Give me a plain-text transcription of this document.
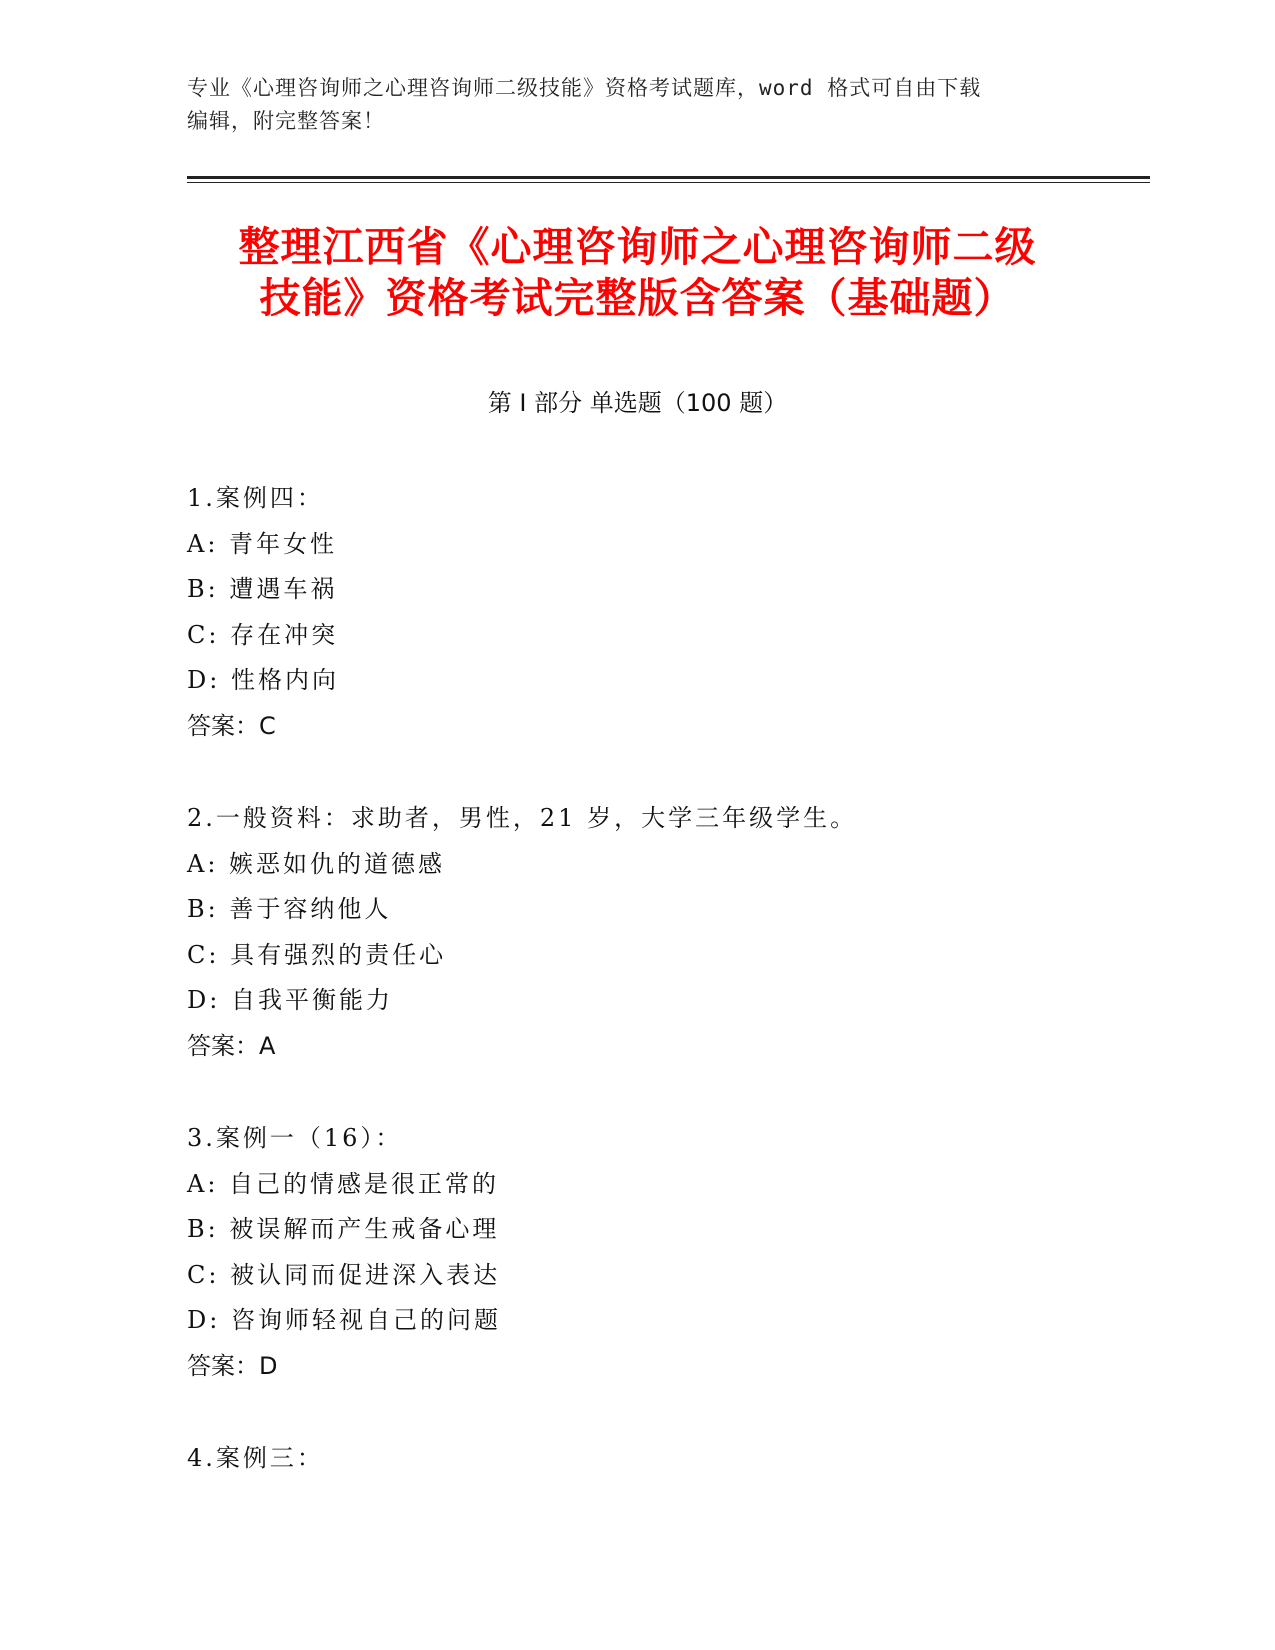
专业《心理咨询师之心理咨询师二级技能》资格考试题库，word 格式可自由下载
编辑，附完整答案！
整理江西省《心理咨询师之心理咨询师二级
技能》资格考试完整版含答案（基础题）
第 I 部分 单选题（100 题）
1.案例四：
A: 青年女性
B: 遭遇车祸
C: 存在冲突
D: 性格内向
答案：C
2.一般资料：求助者，男性，21 岁，大学三年级学生。
A: 嫉恶如仇的道德感
B: 善于容纳他人
C: 具有强烈的责任心
D: 自我平衡能力
答案：A
3.案例一（16）：
A: 自己的情感是很正常的
B: 被误解而产生戒备心理
C: 被认同而促进深入表达
D: 咨询师轻视自己的问题
答案：D
4.案例三：
